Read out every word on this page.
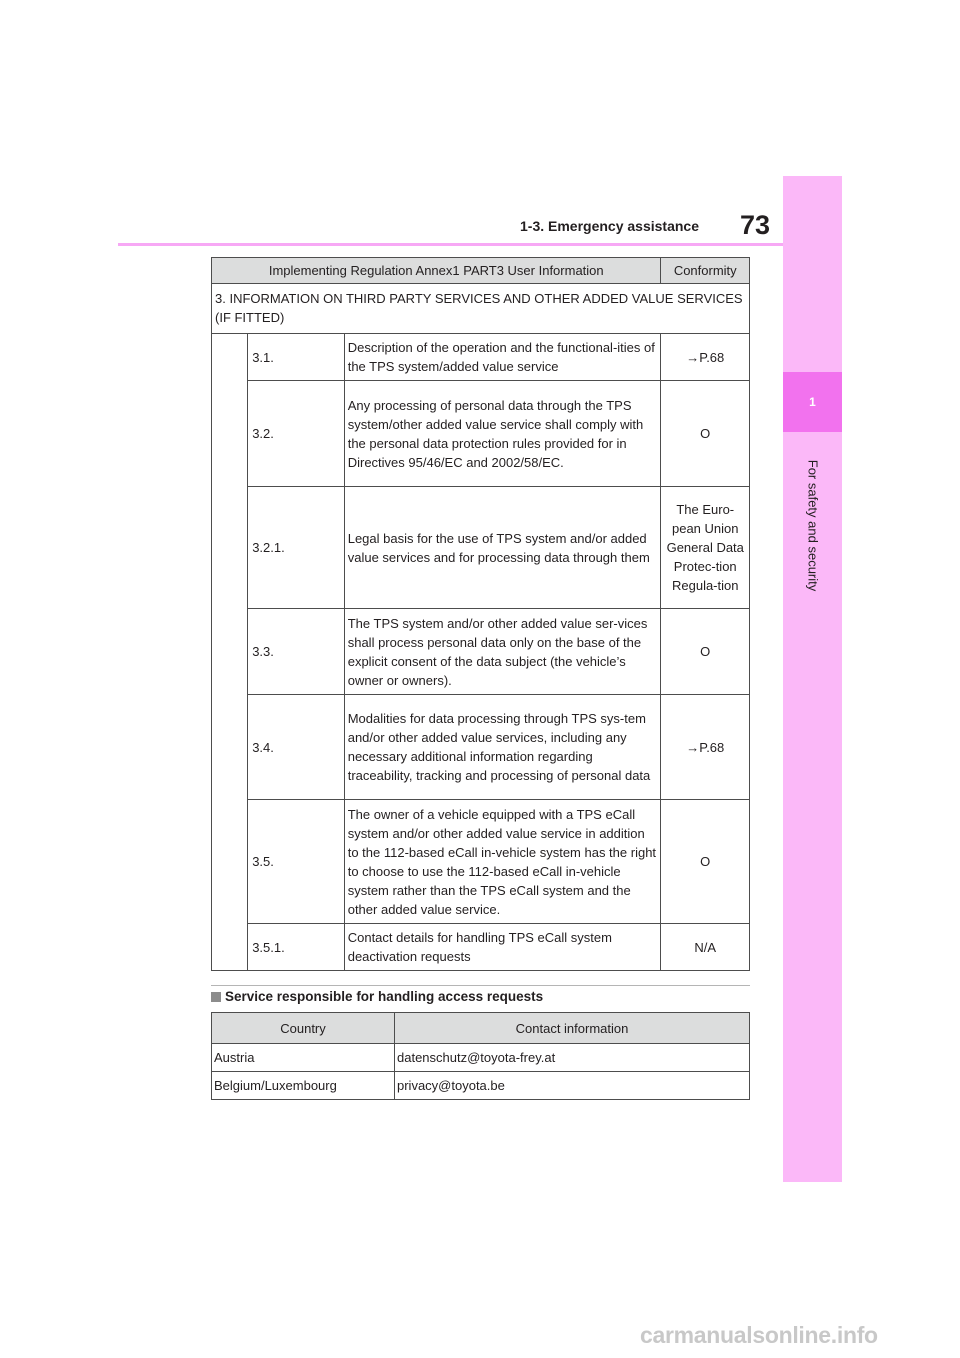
1-3. Emergency assistance 73
1
For safety and security
Implementing Regulation Annex1 PART3 User Information			Conformity
3. INFORMATION ON THIRD PARTY SERVICES AND OTHER ADDED VALUE SERVICES (IF FITTED)			
	3.1.	Description of the operation and the functional-ities of the TPS system/added value service	→P.68
	3.2.	Any processing of personal data through the TPS system/other added value service shall comply with the personal data protection rules provided for in Directives 95/46/EC and 2002/58/EC.	O
	3.2.1.	Legal basis for the use of TPS system and/or added value services and for processing data through them	The Euro-pean Union General Data Protec-tion Regula-tion
	3.3.	The TPS system and/or other added value ser-vices shall process personal data only on the base of the explicit consent of the data subject (the vehicle’s owner or owners).	O
	3.4.	Modalities for data processing through TPS sys-tem and/or other added value services, including any necessary additional information regarding traceability, tracking and processing of personal data	→P.68
	3.5.	The owner of a vehicle equipped with a TPS eCall system and/or other added value service in addition to the 112-based eCall in-vehicle system has the right to choose to use the 112-based eCall in-vehicle system rather than the TPS eCall system and the other added value service.	O
	3.5.1.	Contact details for handling TPS eCall system deactivation requests	N/A
Service responsible for handling access requests
Country	Contact information
Austria	datenschutz@toyota-frey.at
Belgium/Luxembourg	privacy@toyota.be
carmanualsonline.info
